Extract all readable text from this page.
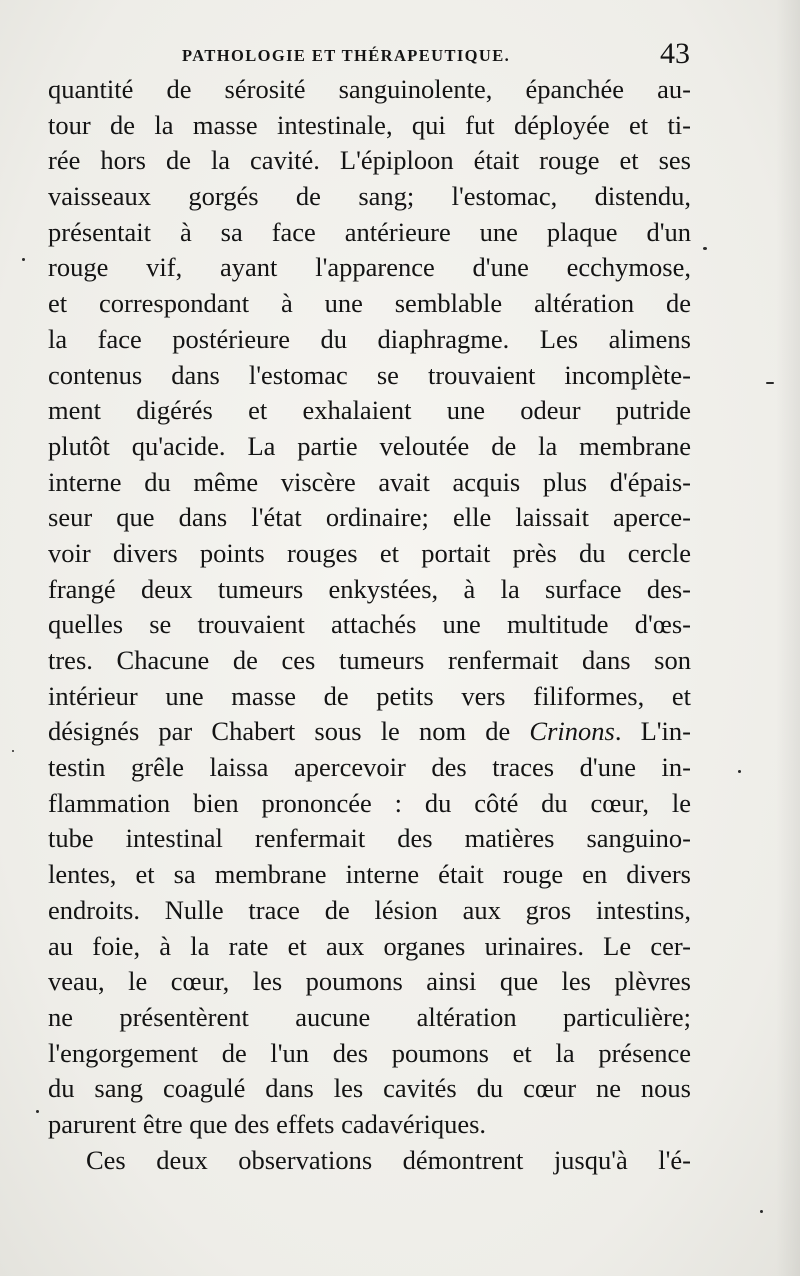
PATHOLOGIE ET THÉRAPEUTIQUE.	43
quantité de sérosité sanguinolente, épanchée au-
tour de la masse intestinale, qui fut déployée et ti-
rée hors de la cavité. L'épiploon était rouge et ses
vaisseaux gorgés de sang; l'estomac, distendu,
présentait à sa face antérieure une plaque d'un
rouge vif, ayant l'apparence d'une ecchymose,
et correspondant à une semblable altération de
la face postérieure du diaphragme. Les alimens
contenus dans l'estomac se trouvaient incomplète-
ment digérés et exhalaient une odeur putride
plutôt qu'acide. La partie veloutée de la membrane
interne du même viscère avait acquis plus d'épais-
seur que dans l'état ordinaire; elle laissait aperce-
voir divers points rouges et portait près du cercle
frangé deux tumeurs enkystées, à la surface des-
quelles se trouvaient attachés une multitude d'œs-
tres. Chacune de ces tumeurs renfermait dans son
intérieur une masse de petits vers filiformes, et
désignés par Chabert sous le nom de Crinons. L'in-
testin grêle laissa apercevoir des traces d'une in-
flammation bien prononcée : du côté du cœur, le
tube intestinal renfermait des matières sanguino-
lentes, et sa membrane interne était rouge en divers
endroits. Nulle trace de lésion aux gros intestins,
au foie, à la rate et aux organes urinaires. Le cer-
veau, le cœur, les poumons ainsi que les plèvres
ne présentèrent aucune altération particulière;
l'engorgement de l'un des poumons et la présence
du sang coagulé dans les cavités du cœur ne nous
parurent être que des effets cadavériques.
Ces deux observations démontrent jusqu'à l'é-
